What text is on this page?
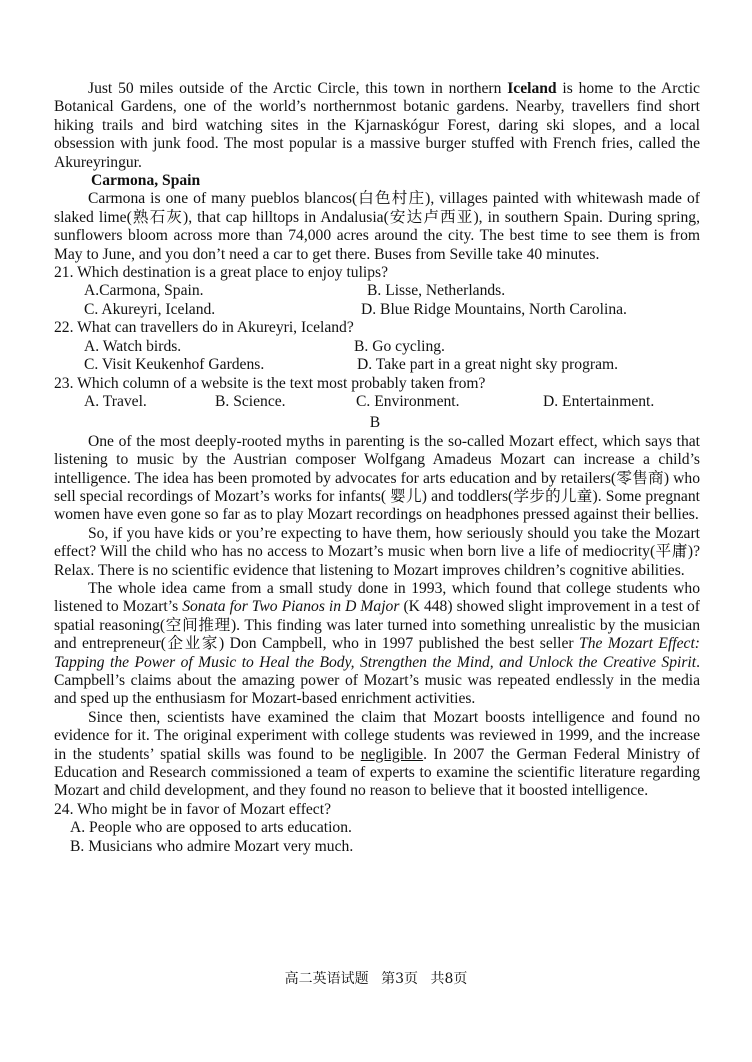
Just 50 miles outside of the Arctic Circle, this town in northern Iceland is home to the Arctic Botanical Gardens, one of the world’s northernmost botanic gardens. Nearby, travellers find short hiking trails and bird watching sites in the Kjarnaskógur Forest, daring ski slopes, and a local obsession with junk food. The most popular is a massive burger stuffed with French fries, called the Akureyringur.

Carmona, Spain

Carmona is one of many pueblos blancos(白色村庄), villages painted with whitewash made of slaked lime(熟石灰), that cap hilltops in Andalusia(安达卢西亚), in southern Spain. During spring, sunflowers bloom across more than 74,000 acres around the city. The best time to see them is from May to June, and you don’t need a car to get there. Buses from Seville take 40 minutes.

21. Which destination is a great place to enjoy tulips?

A.Carmona, Spain.	B. Lisse, Netherlands.
C. Akureyri, Iceland.	D. Blue Ridge Mountains, North Carolina.

22. What can travellers do in Akureyri, Iceland?

A. Watch birds.	B. Go cycling.
C. Visit Keukenhof Gardens.	D. Take part in a great night sky program.

23. Which column of a website is the text most probably taken from?

A. Travel.	B. Science.	C. Environment.	D. Entertainment.

B

One of the most deeply-rooted myths in parenting is the so-called Mozart effect, which says that listening to music by the Austrian composer Wolfgang Amadeus Mozart can increase a child’s intelligence. The idea has been promoted by advocates for arts education and by retailers(零售商) who sell special recordings of Mozart’s works for infants( 婴儿) and toddlers(学步的儿童). Some pregnant women have even gone so far as to play Mozart recordings on headphones pressed against their bellies.

So, if you have kids or you’re expecting to have them, how seriously should you take the Mozart effect? Will the child who has no access to Mozart’s music when born live a life of mediocrity(平庸)? Relax. There is no scientific evidence that listening to Mozart improves children’s cognitive abilities.

The whole idea came from a small study done in 1993, which found that college students who listened to Mozart’s Sonata for Two Pianos in D Major (K 448) showed slight improvement in a test of spatial reasoning(空间推理). This finding was later turned into something unrealistic by the musician and entrepreneur(企业家) Don Campbell, who in 1997 published the best seller The Mozart Effect: Tapping the Power of Music to Heal the Body, Strengthen the Mind, and Unlock the Creative Spirit. Campbell’s claims about the amazing power of Mozart’s music was repeated endlessly in the media and sped up the enthusiasm for Mozart-based enrichment activities.

Since then, scientists have examined the claim that Mozart boosts intelligence and found no evidence for it. The original experiment with college students was reviewed in 1999, and the increase in the students’ spatial skills was found to be negligible. In 2007 the German Federal Ministry of Education and Research commissioned a team of experts to examine the scientific literature regarding Mozart and child development, and they found no reason to believe that it boosted intelligence.

24. Who might be in favor of Mozart effect?

A. People who are opposed to arts education.

B. Musicians who admire Mozart very much.

高二英语试题 第3页 共8页
